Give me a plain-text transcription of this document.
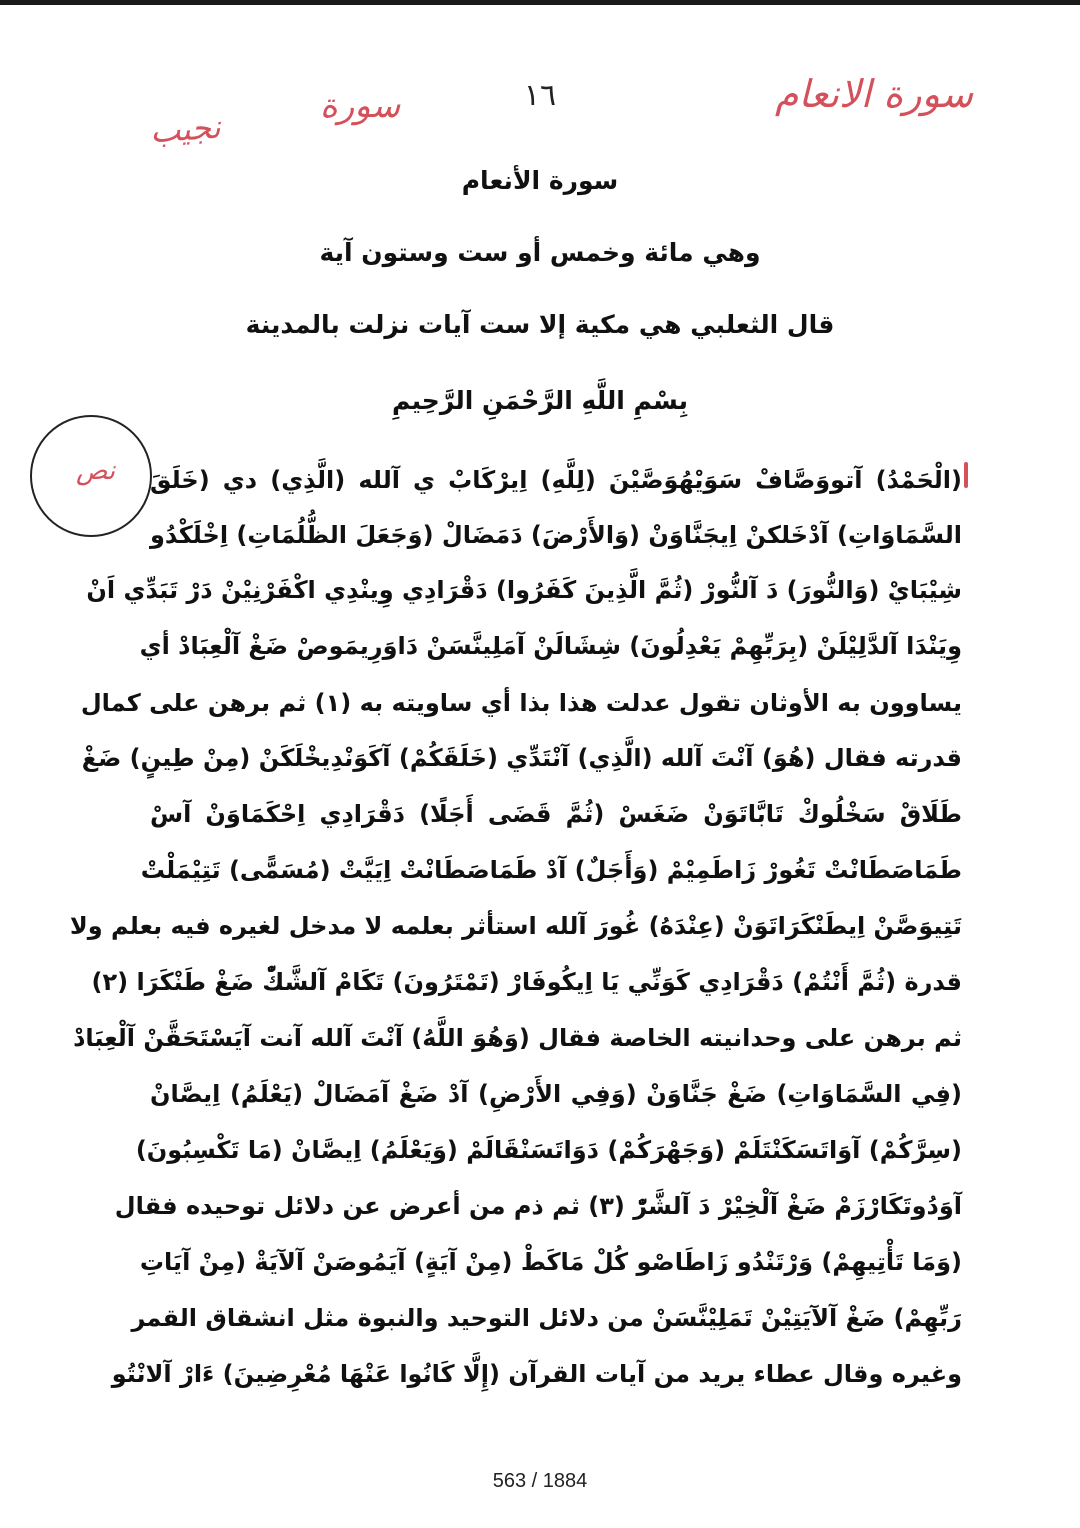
سورة الانعام
سورة
نجيب
١٦
سورة الأنعام
وهي مائة وخمس أو ست وستون آية
قال الثعلبي هي مكية إلا ست آيات نزلت بالمدينة
بِسْمِ اللَّهِ الرَّحْمَنِ الرَّحِيمِ
نص (الْحَمْدُ) آتووَصَّافْ سَوَيْهُوَصَّيْنَ (لِلَّهِ) اِيرْكَابْ ي آلله (الَّذِي) دي (خَلَقَ
السَّمَاوَاتِ) آدْخَلكنْ اِيجَنَّاوَنْ (وَالأَرْضَ) دَمَضَالْ (وَجَعَلَ الظُّلُمَاتِ) اِخْلَكْدُو
شِيْبَايْ (وَالنُّورَ) دَ آلنُّورْ (ثُمَّ الَّذِينَ كَفَرُوا) دَقْرَادِي وِينْدِي اكْفَرْنِيْنْ دَرْ تَبَدِّي اَنْ
وِيَنْدَا آلدَّلِيْلَنْ (بِرَبِّهِمْ يَعْدِلُونَ) شِشَالَنْ آمَلِينَّسَنْ دَاوَرِيمَوصْ ضَغْ آلْعِبَادْ أي
يساوون به الأوثان تقول عدلت هذا بذا أي ساويته به (١) ثم برهن على كمال
قدرته فقال (هُوَ) آنْتَ آلله (الَّذِي) آنْتَدِّي (خَلَقَكُمْ) آكَوَنْدِيخْلَكَنْ (مِنْ طِينٍ) ضَغْ
طَلَاقْ سَخْلُوكْ تَابَّاتَوَنْ ضَغَسْ (ثُمَّ قَضَى أَجَلًا) دَقْرَادِي اِحْكَمَاوَنْ آسْ
طَمَاصَطَانْتْ تَغُورْ زَاطَمِيْمْ (وَأَجَلٌ) آدْ طَمَاصَطَانْتْ اِيَيَّتْ (مُسَمًّى) تَتِيْمَلْتْ
تَتِيوَصَّنْ اِيطَنْكَرَاتَوَنْ (عِنْدَهُ) غُورَ آلله استأثر بعلمه لا مدخل لغيره فيه بعلم ولا
قدرة (ثُمَّ أَنْتُمْ) دَقْرَادِي كَوَنِّي يَا اِيكُوفَارْ (تَمْتَرُونَ) تَكَامْ آلشَّكّْ ضَغْ طَنْكَرَا (٢)
ثم برهن على وحدانيته الخاصة فقال (وَهُوَ اللَّهُ) آنْتَ آلله آنت آيَسْتَحَقَّنْ آلْعِبَادْ
(فِي السَّمَاوَاتِ) ضَغْ جَنَّاوَنْ (وَفِي الأَرْضِ) آدْ ضَغْ آمَضَالْ (يَعْلَمُ) اِيصَّانْ
(سِرَّكُمْ) آوَاتَسَكَنْتَلَمْ (وَجَهْرَكُمْ) دَوَاتَسَنْقَالَمْ (وَيَعْلَمُ) اِيصَّانْ (مَا تَكْسِبُونَ)
آوَدُوتَكَارْزَمْ ضَغْ آلْخِيْرْ دَ آلشَّرّْ (٣) ثم ذم من أعرض عن دلائل توحيده فقال
(وَمَا تَأْتِيهِمْ) وَرْتَنْدُو زَاطَاصْو كُلْ مَاكَطْ (مِنْ آيَةٍ) آيَمُوصَنْ آلآيَةْ (مِنْ آيَاتِ
رَبِّهِمْ) ضَغْ آلآيَتِيْنْ تَمَلِيْنَّسَنْ من دلائل التوحيد والنبوة مثل انشقاق القمر
وغيره وقال عطاء يريد من آيات القرآن (إِلَّا كَانُوا عَنْهَا مُعْرِضِينَ) ءَارْ آلانْتُو
563 / 1884
